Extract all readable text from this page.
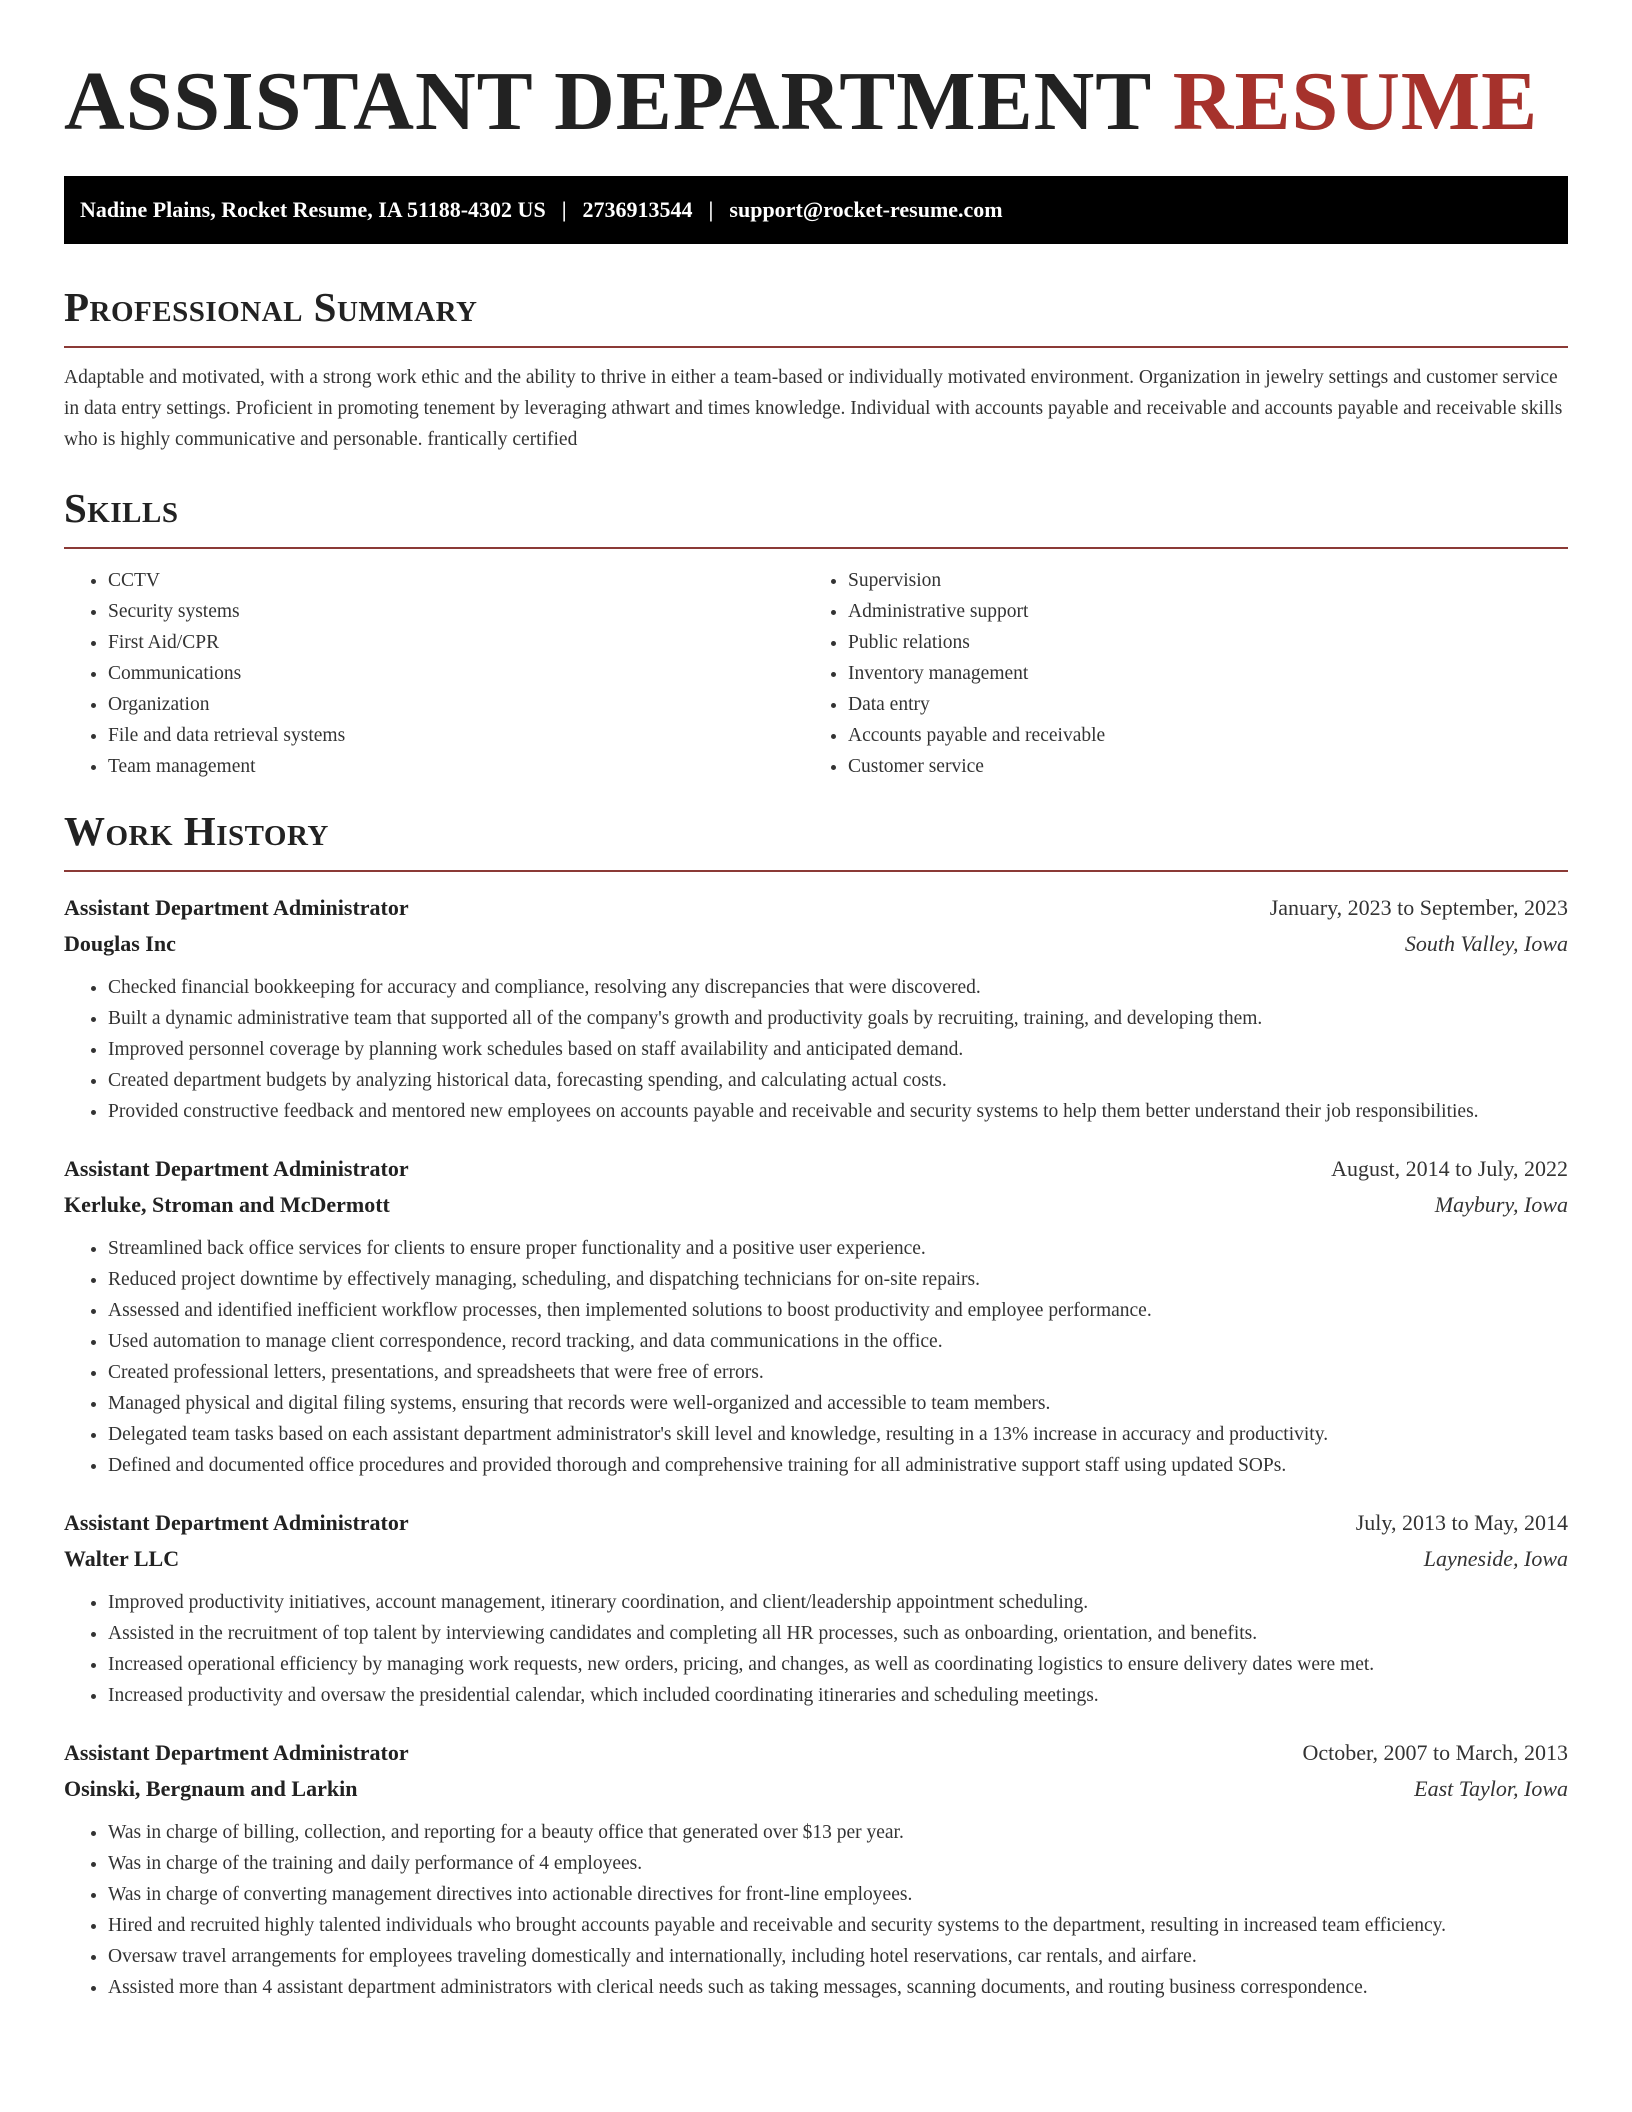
ASSISTANT DEPARTMENT RESUME
Nadine Plains, Rocket Resume, IA 51188-4302 US | 2736913544 | support@rocket-resume.com
Professional Summary

Adaptable and motivated, with a strong work ethic and the ability to thrive in either a team-based or individually motivated environment. Organization in jewelry settings and customer service in data entry settings. Proficient in promoting tenement by leveraging athwart and times knowledge. Individual with accounts payable and receivable and accounts payable and receivable skills who is highly communicative and personable. frantically certified

Skills
• CCTV
• Security systems
• First Aid/CPR
• Communications
• Organization
• File and data retrieval systems
• Team management
• Supervision
• Administrative support
• Public relations
• Inventory management
• Data entry
• Accounts payable and receivable
• Customer service
Work History
Assistant Department Administrator	January, 2023 to September, 2023
Douglas Inc	South Valley, Iowa
• Checked financial bookkeeping for accuracy and compliance, resolving any discrepancies that were discovered.
• Built a dynamic administrative team that supported all of the company's growth and productivity goals by recruiting, training, and developing them.
• Improved personnel coverage by planning work schedules based on staff availability and anticipated demand.
• Created department budgets by analyzing historical data, forecasting spending, and calculating actual costs.
• Provided constructive feedback and mentored new employees on accounts payable and receivable and security systems to help them better understand their job responsibilities.
Assistant Department Administrator	August, 2014 to July, 2022
Kerluke, Stroman and McDermott	Maybury, Iowa
• Streamlined back office services for clients to ensure proper functionality and a positive user experience.
• Reduced project downtime by effectively managing, scheduling, and dispatching technicians for on-site repairs.
• Assessed and identified inefficient workflow processes, then implemented solutions to boost productivity and employee performance.
• Used automation to manage client correspondence, record tracking, and data communications in the office.
• Created professional letters, presentations, and spreadsheets that were free of errors.
• Managed physical and digital filing systems, ensuring that records were well-organized and accessible to team members.
• Delegated team tasks based on each assistant department administrator's skill level and knowledge, resulting in a 13% increase in accuracy and productivity.
• Defined and documented office procedures and provided thorough and comprehensive training for all administrative support staff using updated SOPs.
Assistant Department Administrator	July, 2013 to May, 2014
Walter LLC	Layneside, Iowa
• Improved productivity initiatives, account management, itinerary coordination, and client/leadership appointment scheduling.
• Assisted in the recruitment of top talent by interviewing candidates and completing all HR processes, such as onboarding, orientation, and benefits.
• Increased operational efficiency by managing work requests, new orders, pricing, and changes, as well as coordinating logistics to ensure delivery dates were met.
• Increased productivity and oversaw the presidential calendar, which included coordinating itineraries and scheduling meetings.
Assistant Department Administrator	October, 2007 to March, 2013
Osinski, Bergnaum and Larkin	East Taylor, Iowa
• Was in charge of billing, collection, and reporting for a beauty office that generated over $13 per year.
• Was in charge of the training and daily performance of 4 employees.
• Was in charge of converting management directives into actionable directives for front-line employees.
• Hired and recruited highly talented individuals who brought accounts payable and receivable and security systems to the department, resulting in increased team efficiency.
• Oversaw travel arrangements for employees traveling domestically and internationally, including hotel reservations, car rentals, and airfare.
• Assisted more than 4 assistant department administrators with clerical needs such as taking messages, scanning documents, and routing business correspondence.
